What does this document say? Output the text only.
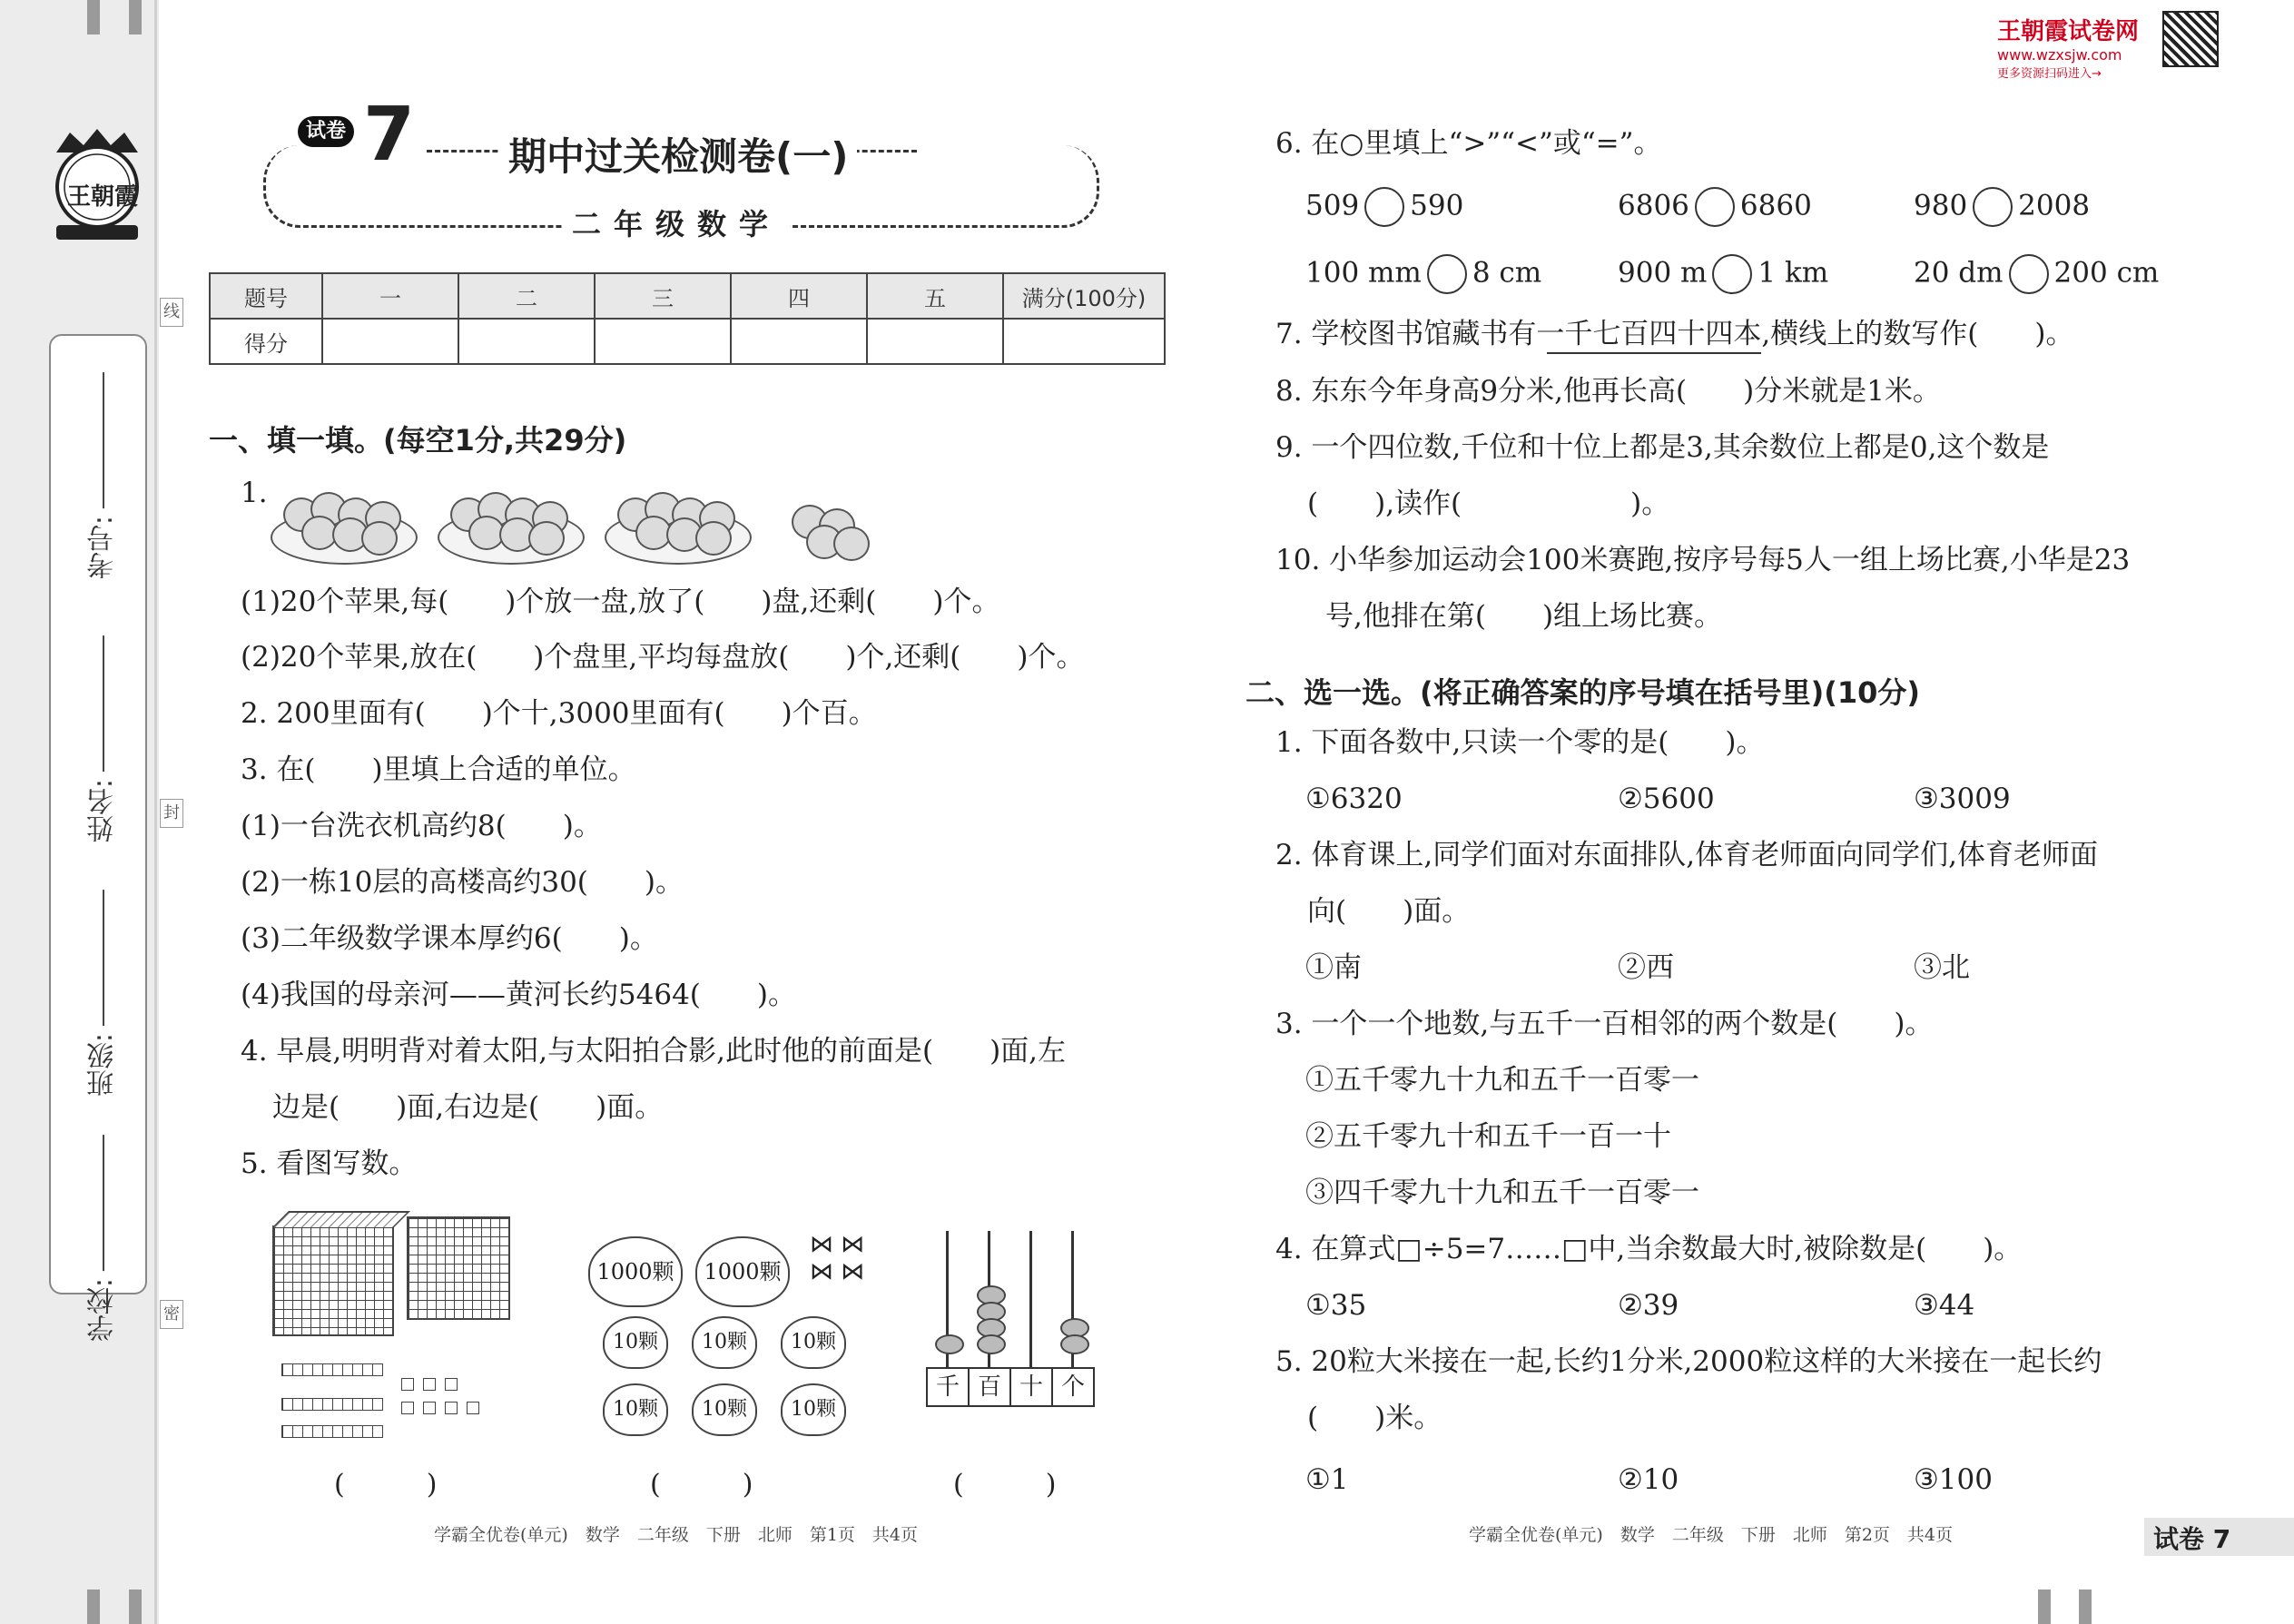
王朝霞
学校:
班级:
姓名:
考号:
线
封
密
试卷 7 期中过关检测卷(一)
二年级数学
题号	一	二	三	四	五	满分(100分)
得分						
一、填一填。(每空1分,共29分)
1.
(1)20个苹果,每(　　)个放一盘,放了(　　)盘,还剩(　　)个。
(2)20个苹果,放在(　　)个盘里,平均每盘放(　　)个,还剩(　　)个。
2. 200里面有(　　)个十,3000里面有(　　)个百。
3. 在(　　)里填上合适的单位。
(1)一台洗衣机高约8(　　)。
(2)一栋10层的高楼高约30(　　)。
(3)二年级数学课本厚约6(　　)。
(4)我国的母亲河——黄河长约5464(　　)。
4. 早晨,明明背对着太阳,与太阳拍合影,此时他的前面是(　　)面,左
边是(　　)面,右边是(　　)面。
5. 看图写数。
(　　　)
1000颗	1000颗
10颗	10颗	10颗
10颗	10颗	10颗
⋈ ⋈
⋈ ⋈
(　　　)
千 百 十 个
(　　　)
学霸全优卷(单元)　数学　二年级　下册　北师　第1页　共4页
王朝霞试卷网
www.wzxsjw.com
更多资源扫码进入→
6. 在○里填上“>”“<”或“=”。
509 590	6806 6860	980 2008
100 mm 8 cm	900 m 1 km	20 dm 200 cm
7. 学校图书馆藏书有一千七百四十四本,横线上的数写作(　　)。
8. 东东今年身高9分米,他再长高(　　)分米就是1米。
9. 一个四位数,千位和十位上都是3,其余数位上都是0,这个数是
(　　),读作(　　　　　　)。
10. 小华参加运动会100米赛跑,按序号每5人一组上场比赛,小华是23
号,他排在第(　　)组上场比赛。
二、选一选。(将正确答案的序号填在括号里)(10分)
1. 下面各数中,只读一个零的是(　　)。
①6320	②5600	③3009
2. 体育课上,同学们面对东面排队,体育老师面向同学们,体育老师面
向(　　)面。
①南	②西	③北
3. 一个一个地数,与五千一百相邻的两个数是(　　)。
①五千零九十九和五千一百零一
②五千零九十和五千一百一十
③四千零九十九和五千一百零一
4. 在算式□÷5=7……□中,当余数最大时,被除数是(　　)。
①35	②39	③44
5. 20粒大米接在一起,长约1分米,2000粒这样的大米接在一起长约
(　　)米。
①1	②10	③100
学霸全优卷(单元)　数学　二年级　下册　北师　第2页　共4页	试卷 7
